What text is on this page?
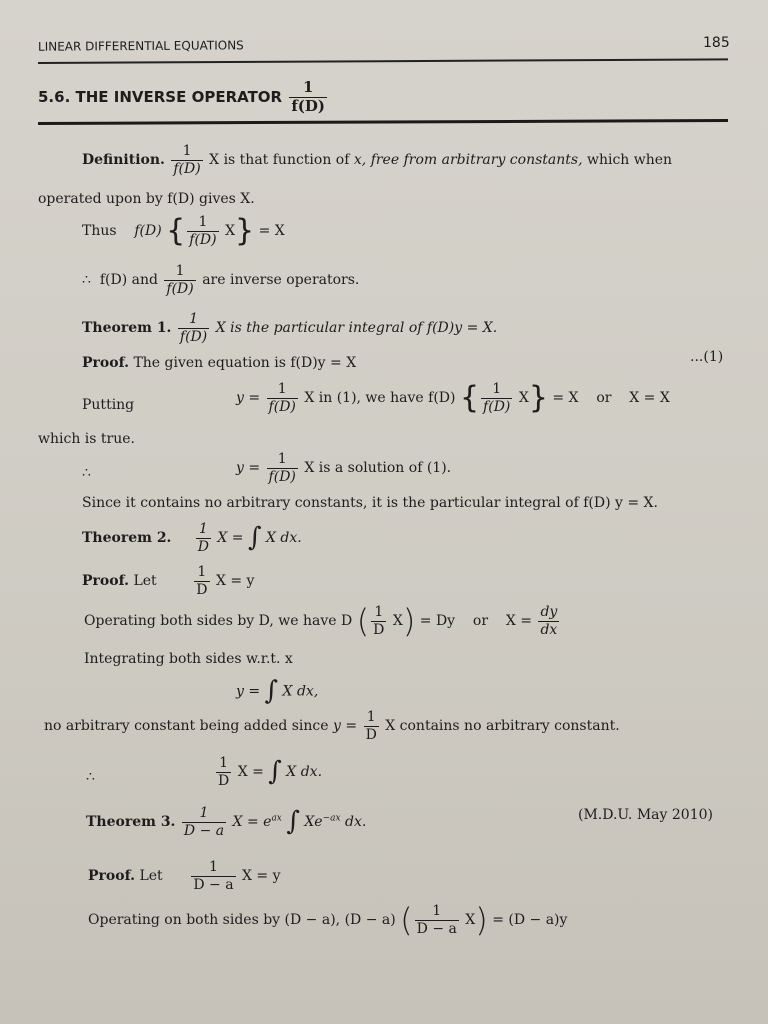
LINEAR DIFFERENTIAL EQUATIONS	185
5.6. THE INVERSE OPERATOR $\frac{1}{f(D)}$
Definition. $\frac{1}{f(D)}$ X is that function of x, free from arbitrary constants, which when
operated upon by f(D) gives X.
Thus f(D) { $\frac{1}{f(D)} X\} = X$
∴ f(D) and $\frac{1}{f(D)}$ are inverse operators.
Theorem 1. $\frac{1}{f(D)}$ X is the particular integral of f(D)y = X.
Proof. The given equation is f(D)y = X	...(1)
Putting	$y = \frac{1}{f(D)}$ X in (1), we have f(D) { $\frac{1}{f(D)} X\} = X$ or X = X
which is true.
∴	$y = \frac{1}{f(D)}$ X is a solution of (1).
Since it contains no arbitrary constants, it is the particular integral of f(D) y = X.
Theorem 2. $\frac{1}{D}$ X = ∫ X dx.
Proof. Let	$\frac{1}{D}$ X = y
Operating both sides by D, we have D ( $\frac{1}{D} X) = Dy$ or $X = \frac{dy}{dx}$
Integrating both sides w.r.t. x
y = ∫ X dx,
no arbitrary constant being added since $y = \frac{1}{D}$ X contains no arbitrary constant.
∴	$\frac{1}{D}$ X = ∫ X dx.
Theorem 3. $\frac{1}{D - a}$ $X = e^{ax}$ ∫ $Xe^{-ax}$ dx.	(M.D.U. May 2010)
Proof. Let $\frac{1}{D - a}$ X = y
Operating on both sides by (D − a), (D − a) ( $\frac{1}{D - a} X) = (D - a)y$
